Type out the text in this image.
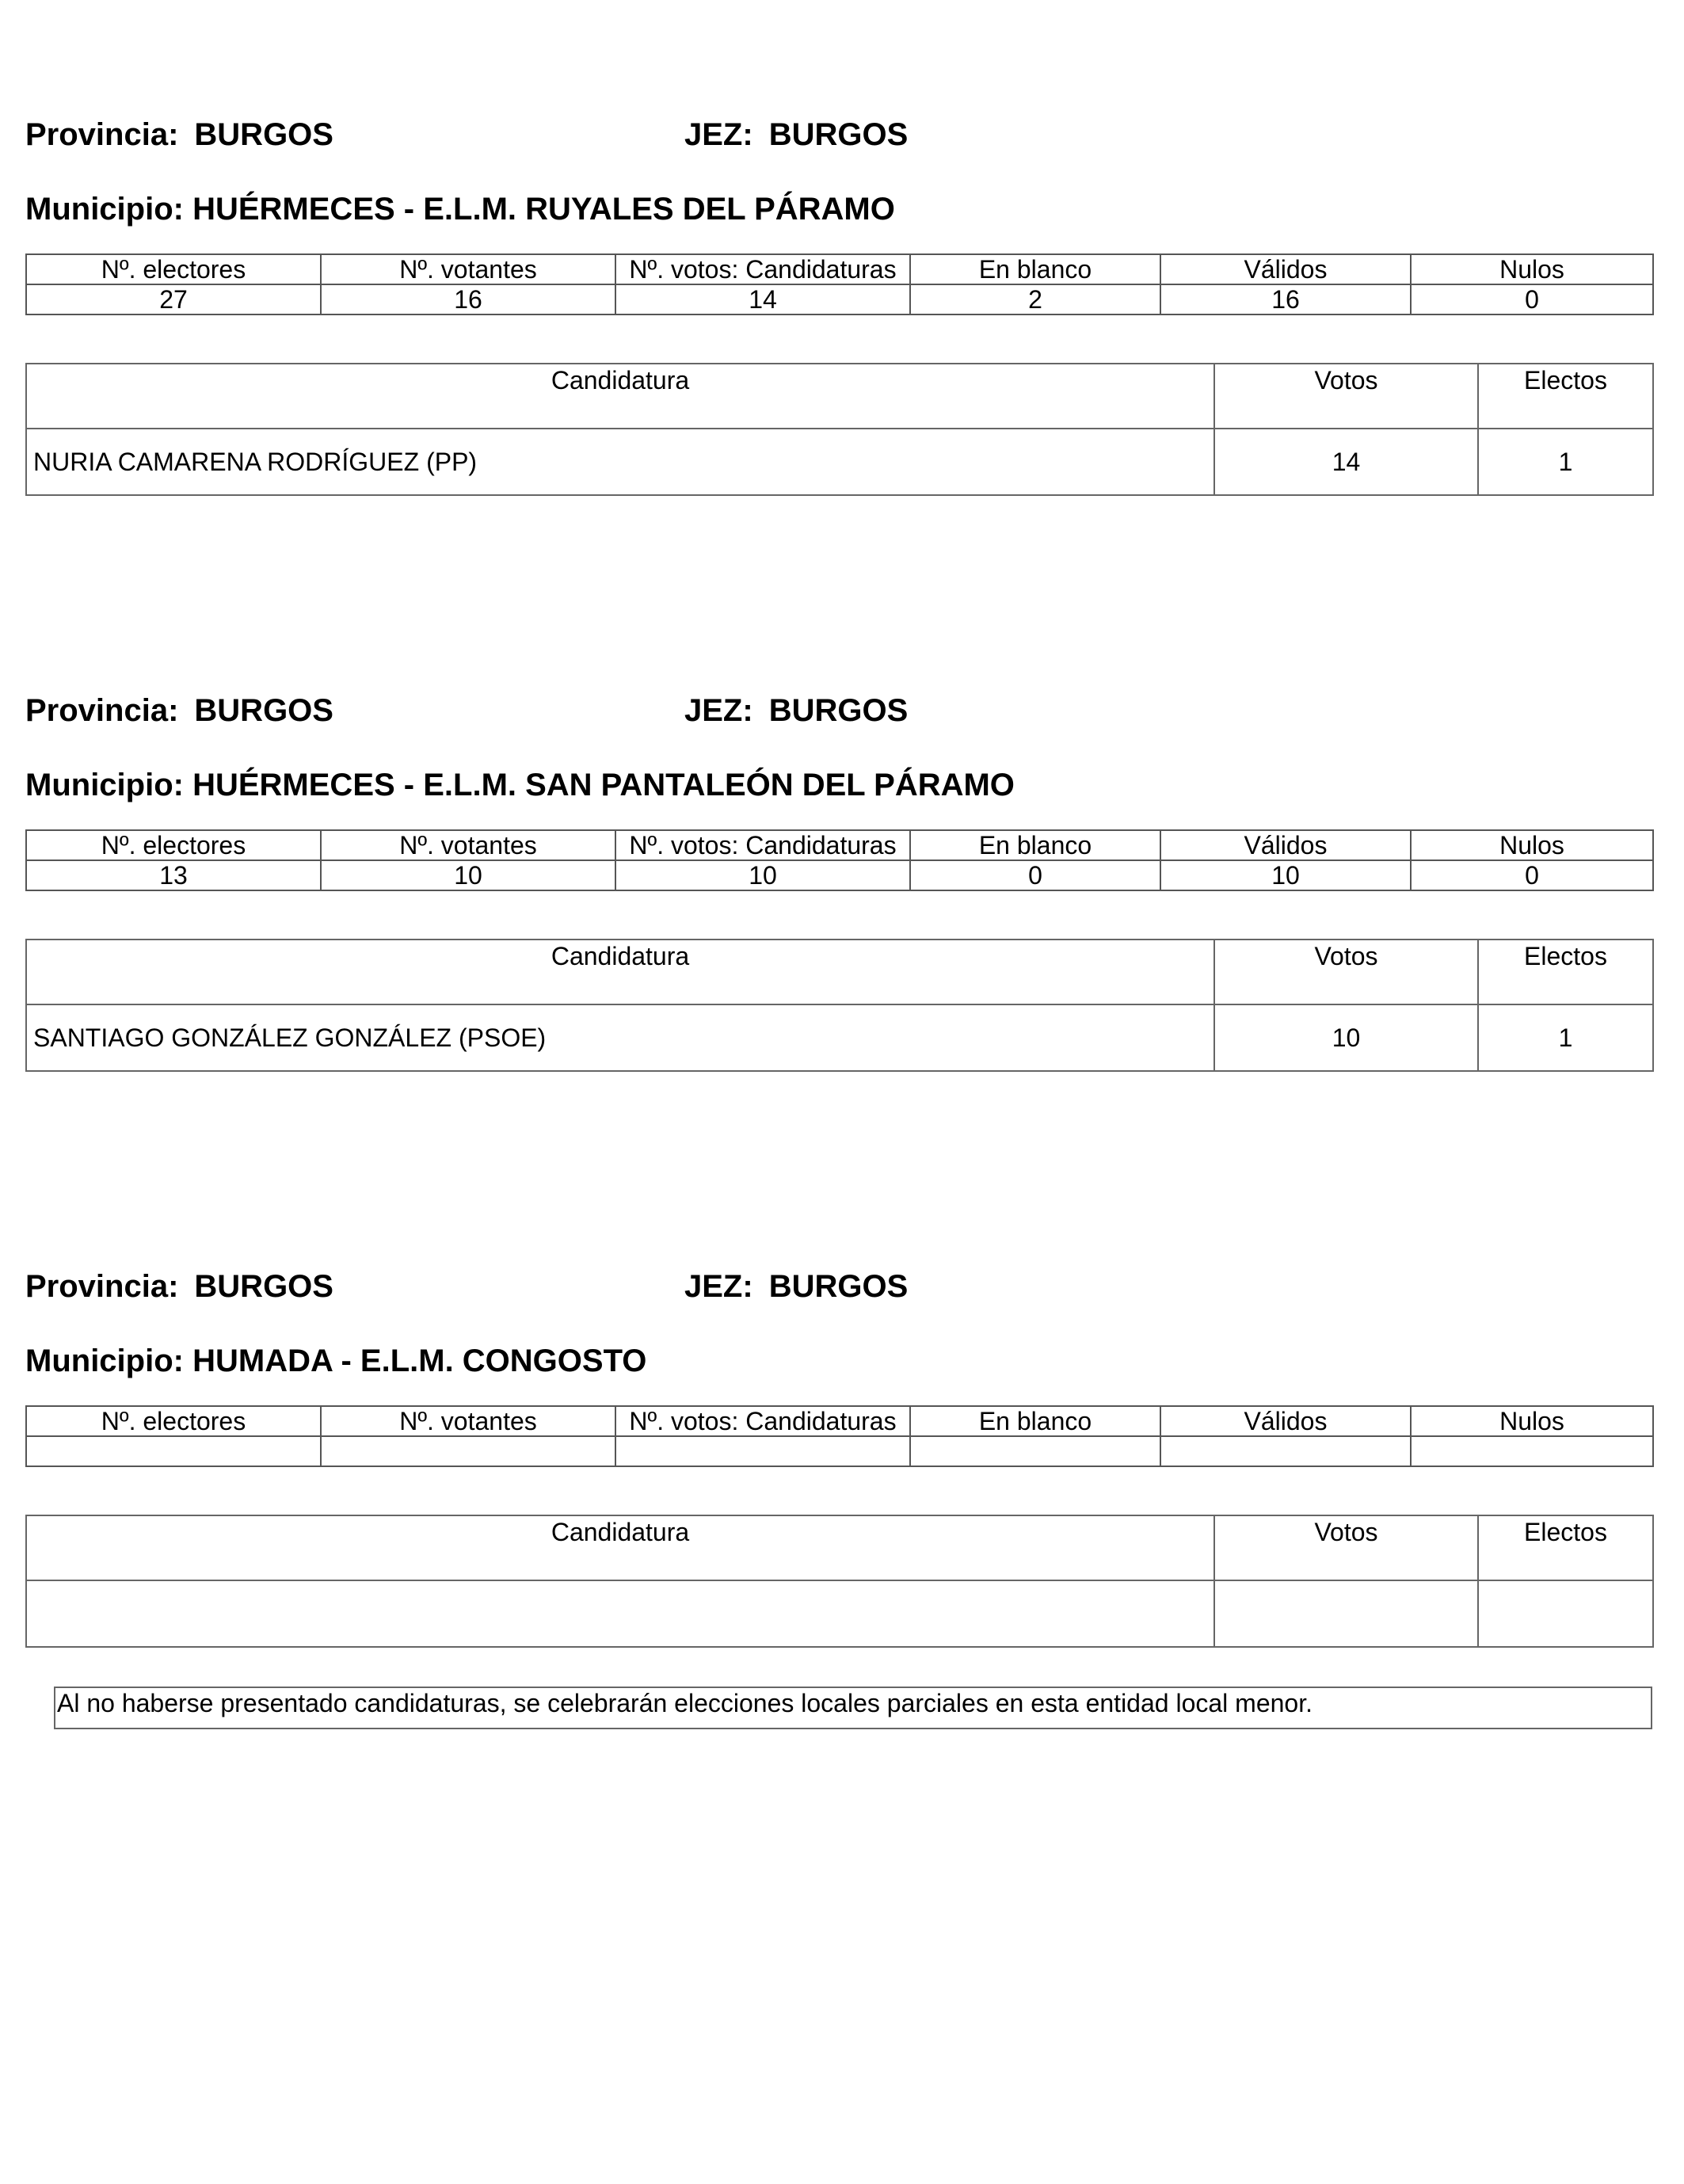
Provincia: BURGOS	JEZ: BURGOS
Municipio: HUÉRMECES - E.L.M. RUYALES DEL PÁRAMO
Nº. electores	Nº. votantes	Nº. votos: Candidaturas	En blanco	Válidos	Nulos
27	16	14	2	16	0
Candidatura	Votos	Electos
NURIA CAMARENA RODRÍGUEZ (PP)	14	1
Provincia: BURGOS	JEZ: BURGOS
Municipio: HUÉRMECES - E.L.M. SAN PANTALEÓN DEL PÁRAMO
Nº. electores	Nº. votantes	Nº. votos: Candidaturas	En blanco	Válidos	Nulos
13	10	10	0	10	0
Candidatura	Votos	Electos
SANTIAGO GONZÁLEZ GONZÁLEZ (PSOE)	10	1
Provincia: BURGOS	JEZ: BURGOS
Municipio: HUMADA - E.L.M. CONGOSTO
Nº. electores	Nº. votantes	Nº. votos: Candidaturas	En blanco	Válidos	Nulos

Candidatura	Votos	Electos

Al no haberse presentado candidaturas, se celebrarán elecciones locales parciales en esta entidad local menor.
